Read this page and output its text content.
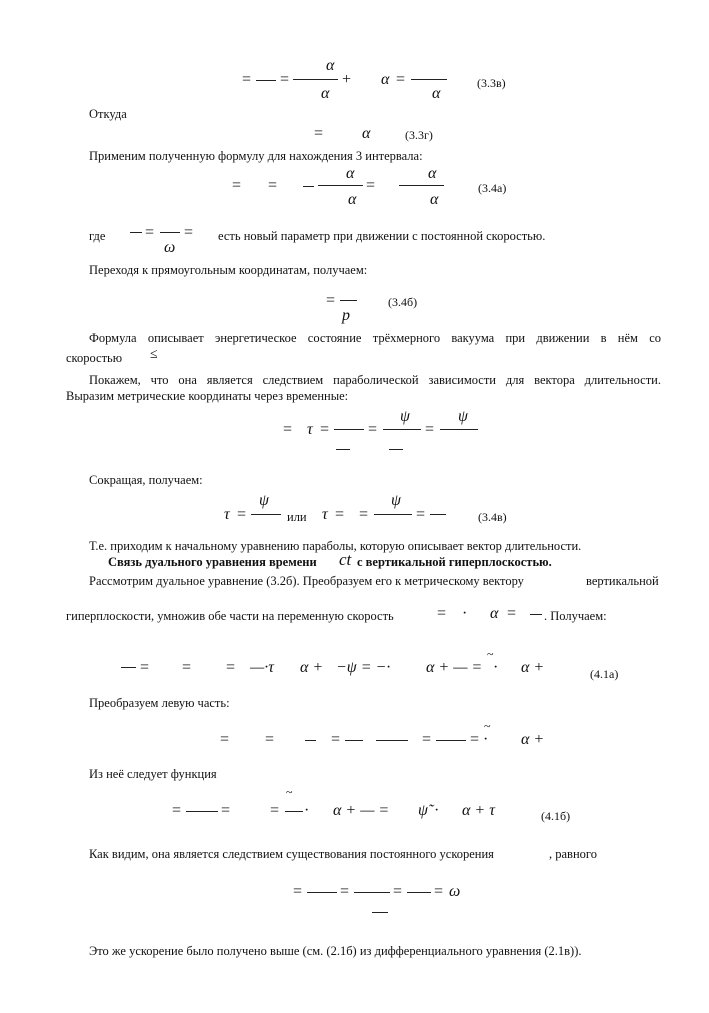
= =
α
α
+ α =
α
(3.3в)
Откуда
= α	(3.3г)
Применим полученную формулу для нахождения 3 интервала:
= =
α
α
=
α
α
(3.4а)
где =
ω
= есть новый параметр при движении с постоянной скоростью.
Переходя к прямоугольным координатам, получаем:
=
p
(3.4б)
Формула описывает энергетическое состояние трёхмерного вакуума при движении в нём со
скоростью ≤
Покажем, что она является следствием параболической зависимости для вектора длительности.
Выразим метрические координаты через временные:
= τ = =
ψ
=
ψ
Сокращая, получаем:
τ =
ψ
или τ = =
ψ
=	(3.4в)
Т.е. приходим к начальному уравнению параболы, которую описывает вектор длительности.
Связь дуального уравнения времени ct с вертикальной гиперплоскостью.
Рассмотрим дуальное уравнение (3.2б). Преобразуем его к метрическому вектору	вертикальной
гиперплоскости, умножив обе части на переменную скорость	= · α = . Получаем:
= = = —·τ α + −ψ = −· α + — =
~
· α +	(4.1а)
Преобразуем левую часть:
= =	=	=
~
= · α +
Из неё следует функция
~
= = = · α + — = ψ̃ · α + τ	(4.1б)
Как видим, она является следствием существования постоянного ускорения	, равного
= =	= = ω
Это же ускорение было получено выше (см. (2.1б) из дифференциального уравнения (2.1в)).
